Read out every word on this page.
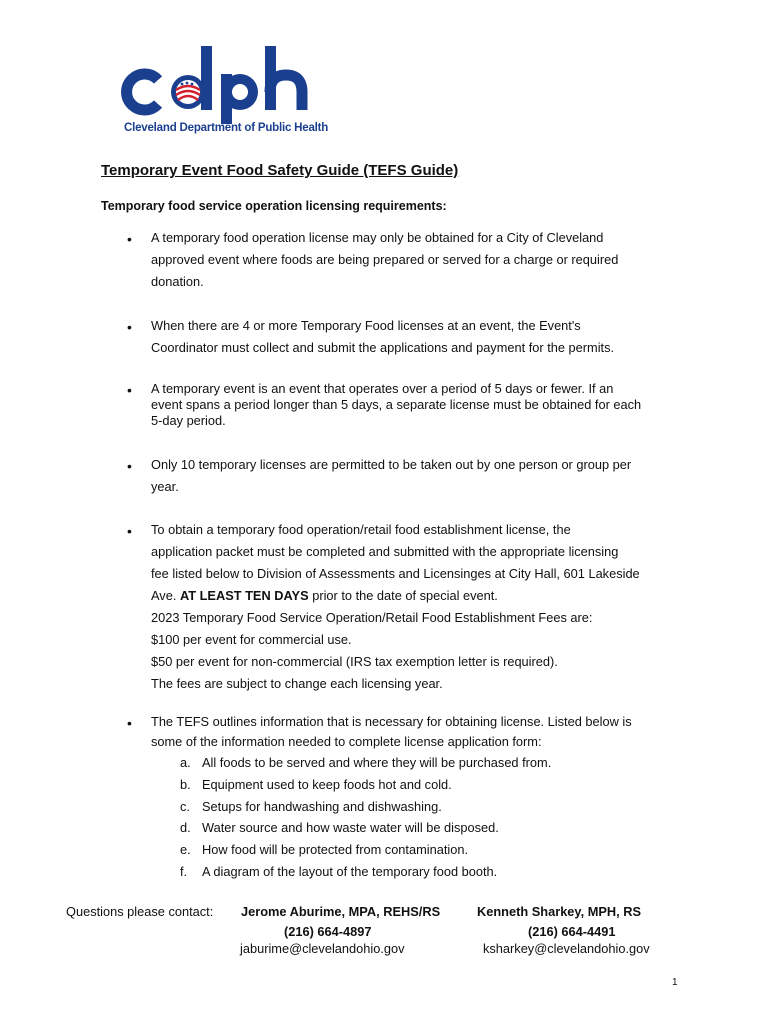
Cleveland Department of Public Health
Temporary Event Food Safety Guide (TEFS Guide)
Temporary food service operation licensing requirements:
• A temporary food operation license may only be obtained for a City of Cleveland
approved event where foods are being prepared or served for a charge or required
donation.
• When there are 4 or more Temporary Food licenses at an event, the Event's
Coordinator must collect and submit the applications and payment for the permits.
• A temporary event is an event that operates over a period of 5 days or fewer. If an
event spans a period longer than 5 days, a separate license must be obtained for each
5-day period.
• Only 10 temporary licenses are permitted to be taken out by one person or group per
year.
• To obtain a temporary food operation/retail food establishment license, the
application packet must be completed and submitted with the appropriate licensing
fee listed below to Division of Assessments and Licensinges at City Hall, 601 Lakeside
Ave. AT LEAST TEN DAYS prior to the date of special event.
2023 Temporary Food Service Operation/Retail Food Establishment Fees are:
$100 per event for commercial use.
$50 per event for non-commercial (IRS tax exemption letter is required).
The fees are subject to change each licensing year.
• The TEFS outlines information that is necessary for obtaining license. Listed below is
some of the information needed to complete license application form:
a. All foods to be served and where they will be purchased from.
b. Equipment used to keep foods hot and cold.
c. Setups for handwashing and dishwashing.
d. Water source and how waste water will be disposed.
e. How food will be protected from contamination.
f. A diagram of the layout of the temporary food booth.
Questions please contact: Jerome Aburime, MPA, REHS/RS
(216) 664-4897
jaburime@clevelandohio.gov
Kenneth Sharkey, MPH, RS
(216) 664-4491
ksharkey@clevelandohio.gov
1
